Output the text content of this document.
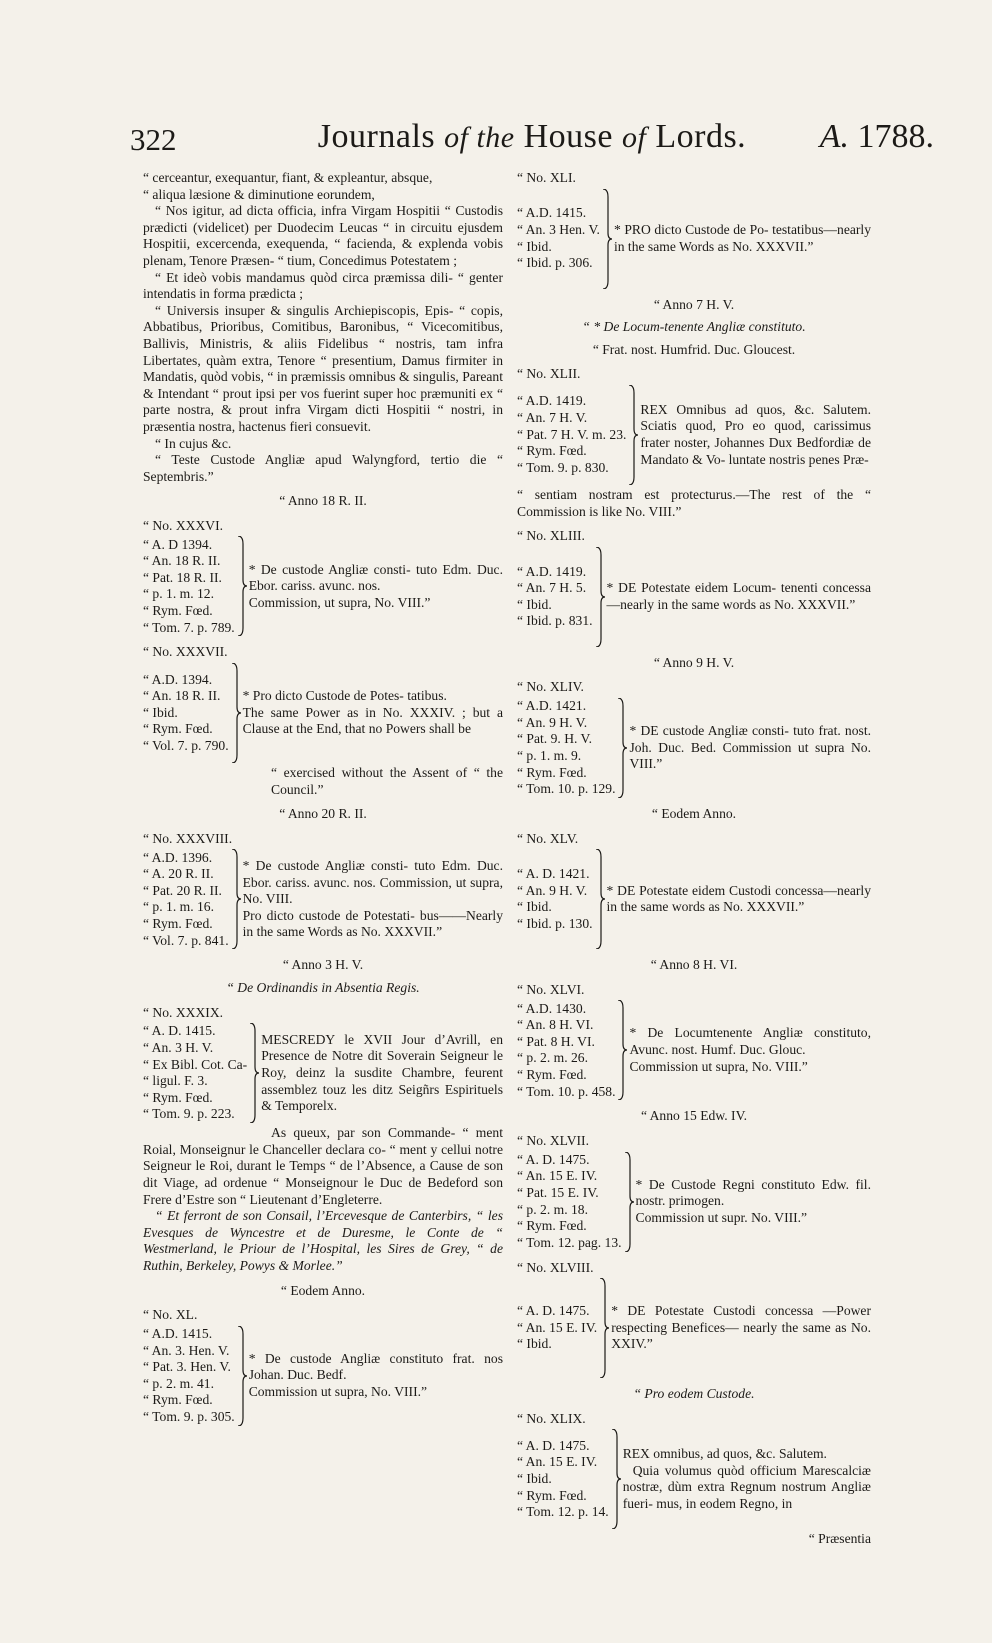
322	Journals of the House of Lords.	A. 1788.
“ cerceantur, exequantur, fiant, & expleantur, absque,
“ aliqua læsione & diminutione eorundem,

“ Nos igitur, ad dicta officia, infra Virgam Hospitii “ Custodis prædicti (videlicet) per Duodecim Leucas “ in circuitu ejusdem Hospitii, excercenda, exequenda, “ facienda, & explenda vobis plenam, Tenore Præsen- “ tium, Concedimus Potestatem ;

“ Et ideò vobis mandamus quòd circa præmissa dili- “ genter intendatis in forma prædicta ;

“ Universis insuper & singulis Archiepiscopis, Epis- “ copis, Abbatibus, Prioribus, Comitibus, Baronibus, “ Vicecomitibus, Ballivis, Ministris, & aliis Fidelibus “ nostris, tam infra Libertates, quàm extra, Tenore “ presentium, Damus firmiter in Mandatis, quòd vobis, “ in præmissis omnibus & singulis, Pareant & Intendant “ prout ipsi per vos fuerint super hoc præmuniti ex “ parte nostra, & prout infra Virgam dicti Hospitii “ nostri, in præsentia nostra, hactenus fieri consuevit.

“ In cujus &c.

“ Teste Custode Angliæ apud Walyngford, tertio die “ Septembris.”

“ Anno 18 R. II.
“ No. XXXVI.
“ A. D 1394.
“ An. 18 R. II.
“ Pat. 18 R. II.
“ p. 1. m. 12.
“ Rym. Fœd.
“ Tom. 7. p. 789.
* De custode Angliæ consti- tuto Edm. Duc. Ebor. cariss. avunc. nos.
Commission, ut supra, No. VIII.”
“ No. XXXVII.
“ A.D. 1394.
“ An. 18 R. II.
“ Ibid.
“ Rym. Fœd.
“ Vol. 7. p. 790.
* Pro dicto Custode de Potes- tatibus.
The same Power as in No. XXXIV. ; but a Clause at the End, that no Powers shall be
“ exercised without the Assent of “ the Council.”
“ Anno 20 R. II.
“ No. XXXVIII.
“ A.D. 1396.
“ A. 20 R. II.
“ Pat. 20 R. II.
“ p. 1. m. 16.
“ Rym. Fœd.
“ Vol. 7. p. 841.
* De custode Angliæ consti- tuto Edm. Duc. Ebor. cariss. avunc. nos. Commission, ut supra, No. VIII.
Pro dicto custode de Potestati- bus——Nearly in the same Words as No. XXXVII.”
“ Anno 3 H. V.
“ De Ordinandis in Absentia Regis.
“ No. XXXIX.
“ A. D. 1415.
“ An. 3 H. V.
“ Ex Bibl. Cot. Ca-
“ ligul. F. 3.
“ Rym. Fœd.
“ Tom. 9. p. 223.
MESCREDY le XVII Jour d’Avrill, en Presence de Notre dit Soverain Seigneur le Roy, deinz la susdite Chambre, feurent assemblez touz les ditz Seigñrs Espirituels & Temporelx.

As queux, par son Commande- “ ment Roial, Monseignur le Chanceller declara co- “ ment y cellui notre Seigneur le Roi, durant le Temps “ de l’Absence, a Cause de son dit Viage, ad ordenue “ Monseignour le Duc de Bedeford son Frere d’Estre son “ Lieutenant d’Engleterre.

“ Et ferront de son Consail, l’Ercevesque de Canterbirs, “ les Evesques de Wyncestre et de Duresme, le Conte de “ Westmerland, le Priour de l’Hospital, les Sires de Grey, “ de Ruthin, Berkeley, Powys & Morlee.”

“ Eodem Anno.
“ No. XL.
“ A.D. 1415.
“ An. 3. Hen. V.
“ Pat. 3. Hen. V.
“ p. 2. m. 41.
“ Rym. Fœd.
“ Tom. 9. p. 305.
* De custode Angliæ constituto frat. nos Johan. Duc. Bedf.
Commission ut supra, No. VIII.”
“ No. XLI.
“ A.D. 1415.
“ An. 3 Hen. V.
“ Ibid.
“ Ibid. p. 306.
* PRO dicto Custode de Po- testatibus—nearly in the same Words as No. XXXVII.”
“ Anno 7 H. V.
“ * De Locum-tenente Angliæ constituto.
“ Frat. nost. Humfrid. Duc. Gloucest.
“ No. XLII.
“ A.D. 1419.
“ An. 7 H. V.
“ Pat. 7 H. V. m. 23.
“ Rym. Fœd.
“ Tom. 9. p. 830.
REX Omnibus ad quos, &c. Salutem. Sciatis quod, Pro eo quod, carissimus frater noster, Johannes Dux Bedfordiæ de Mandato & Vo- luntate nostris penes Præ-
“ sentiam nostram est protecturus.—The rest of the “ Commission is like No. VIII.”
“ No. XLIII.
“ A.D. 1419.
“ An. 7 H. 5.
“ Ibid.
“ Ibid. p. 831.
* DE Potestate eidem Locum- tenenti concessa—nearly in the same words as No. XXXVII.”
“ Anno 9 H. V.
“ No. XLIV.
“ A.D. 1421.
“ An. 9 H. V.
“ Pat. 9. H. V.
“ p. 1. m. 9.
“ Rym. Fœd.
“ Tom. 10. p. 129.
* DE custode Angliæ consti- tuto frat. nost. Joh. Duc. Bed. Commission ut supra No. VIII.”
“ Eodem Anno.
“ No. XLV.
“ A. D. 1421.
“ An. 9 H. V.
“ Ibid.
“ Ibid. p. 130.
* DE Potestate eidem Custodi concessa—nearly in the same words as No. XXXVII.”
“ Anno 8 H. VI.
“ No. XLVI.
“ A.D. 1430.
“ An. 8 H. VI.
“ Pat. 8 H. VI.
“ p. 2. m. 26.
“ Rym. Fœd.
“ Tom. 10. p. 458.
* De Locumtenente Angliæ constituto, Avunc. nost. Humf. Duc. Glouc.
Commission ut supra, No. VIII.”
“ Anno 15 Edw. IV.
“ No. XLVII.
“ A. D. 1475.
“ An. 15 E. IV.
“ Pat. 15 E. IV.
“ p. 2. m. 18.
“ Rym. Fœd.
“ Tom. 12. pag. 13.
* De Custode Regni constituto Edw. fil. nostr. primogen.
Commission ut supr. No. VIII.”
“ No. XLVIII.
“ A. D. 1475.
“ An. 15 E. IV.
“ Ibid.
* DE Potestate Custodi concessa —Power respecting Benefices— nearly the same as No. XXIV.”
“ Pro eodem Custode.
“ No. XLIX.
“ A. D. 1475.
“ An. 15 E. IV.
“ Ibid.
“ Rym. Fœd.
“ Tom. 12. p. 14.
REX omnibus, ad quos, &c. Salutem.
Quia volumus quòd officium Marescalciæ nostræ, dùm extra Regnum nostrum Angliæ fueri- mus, in eodem Regno, in
“ Præsentia
